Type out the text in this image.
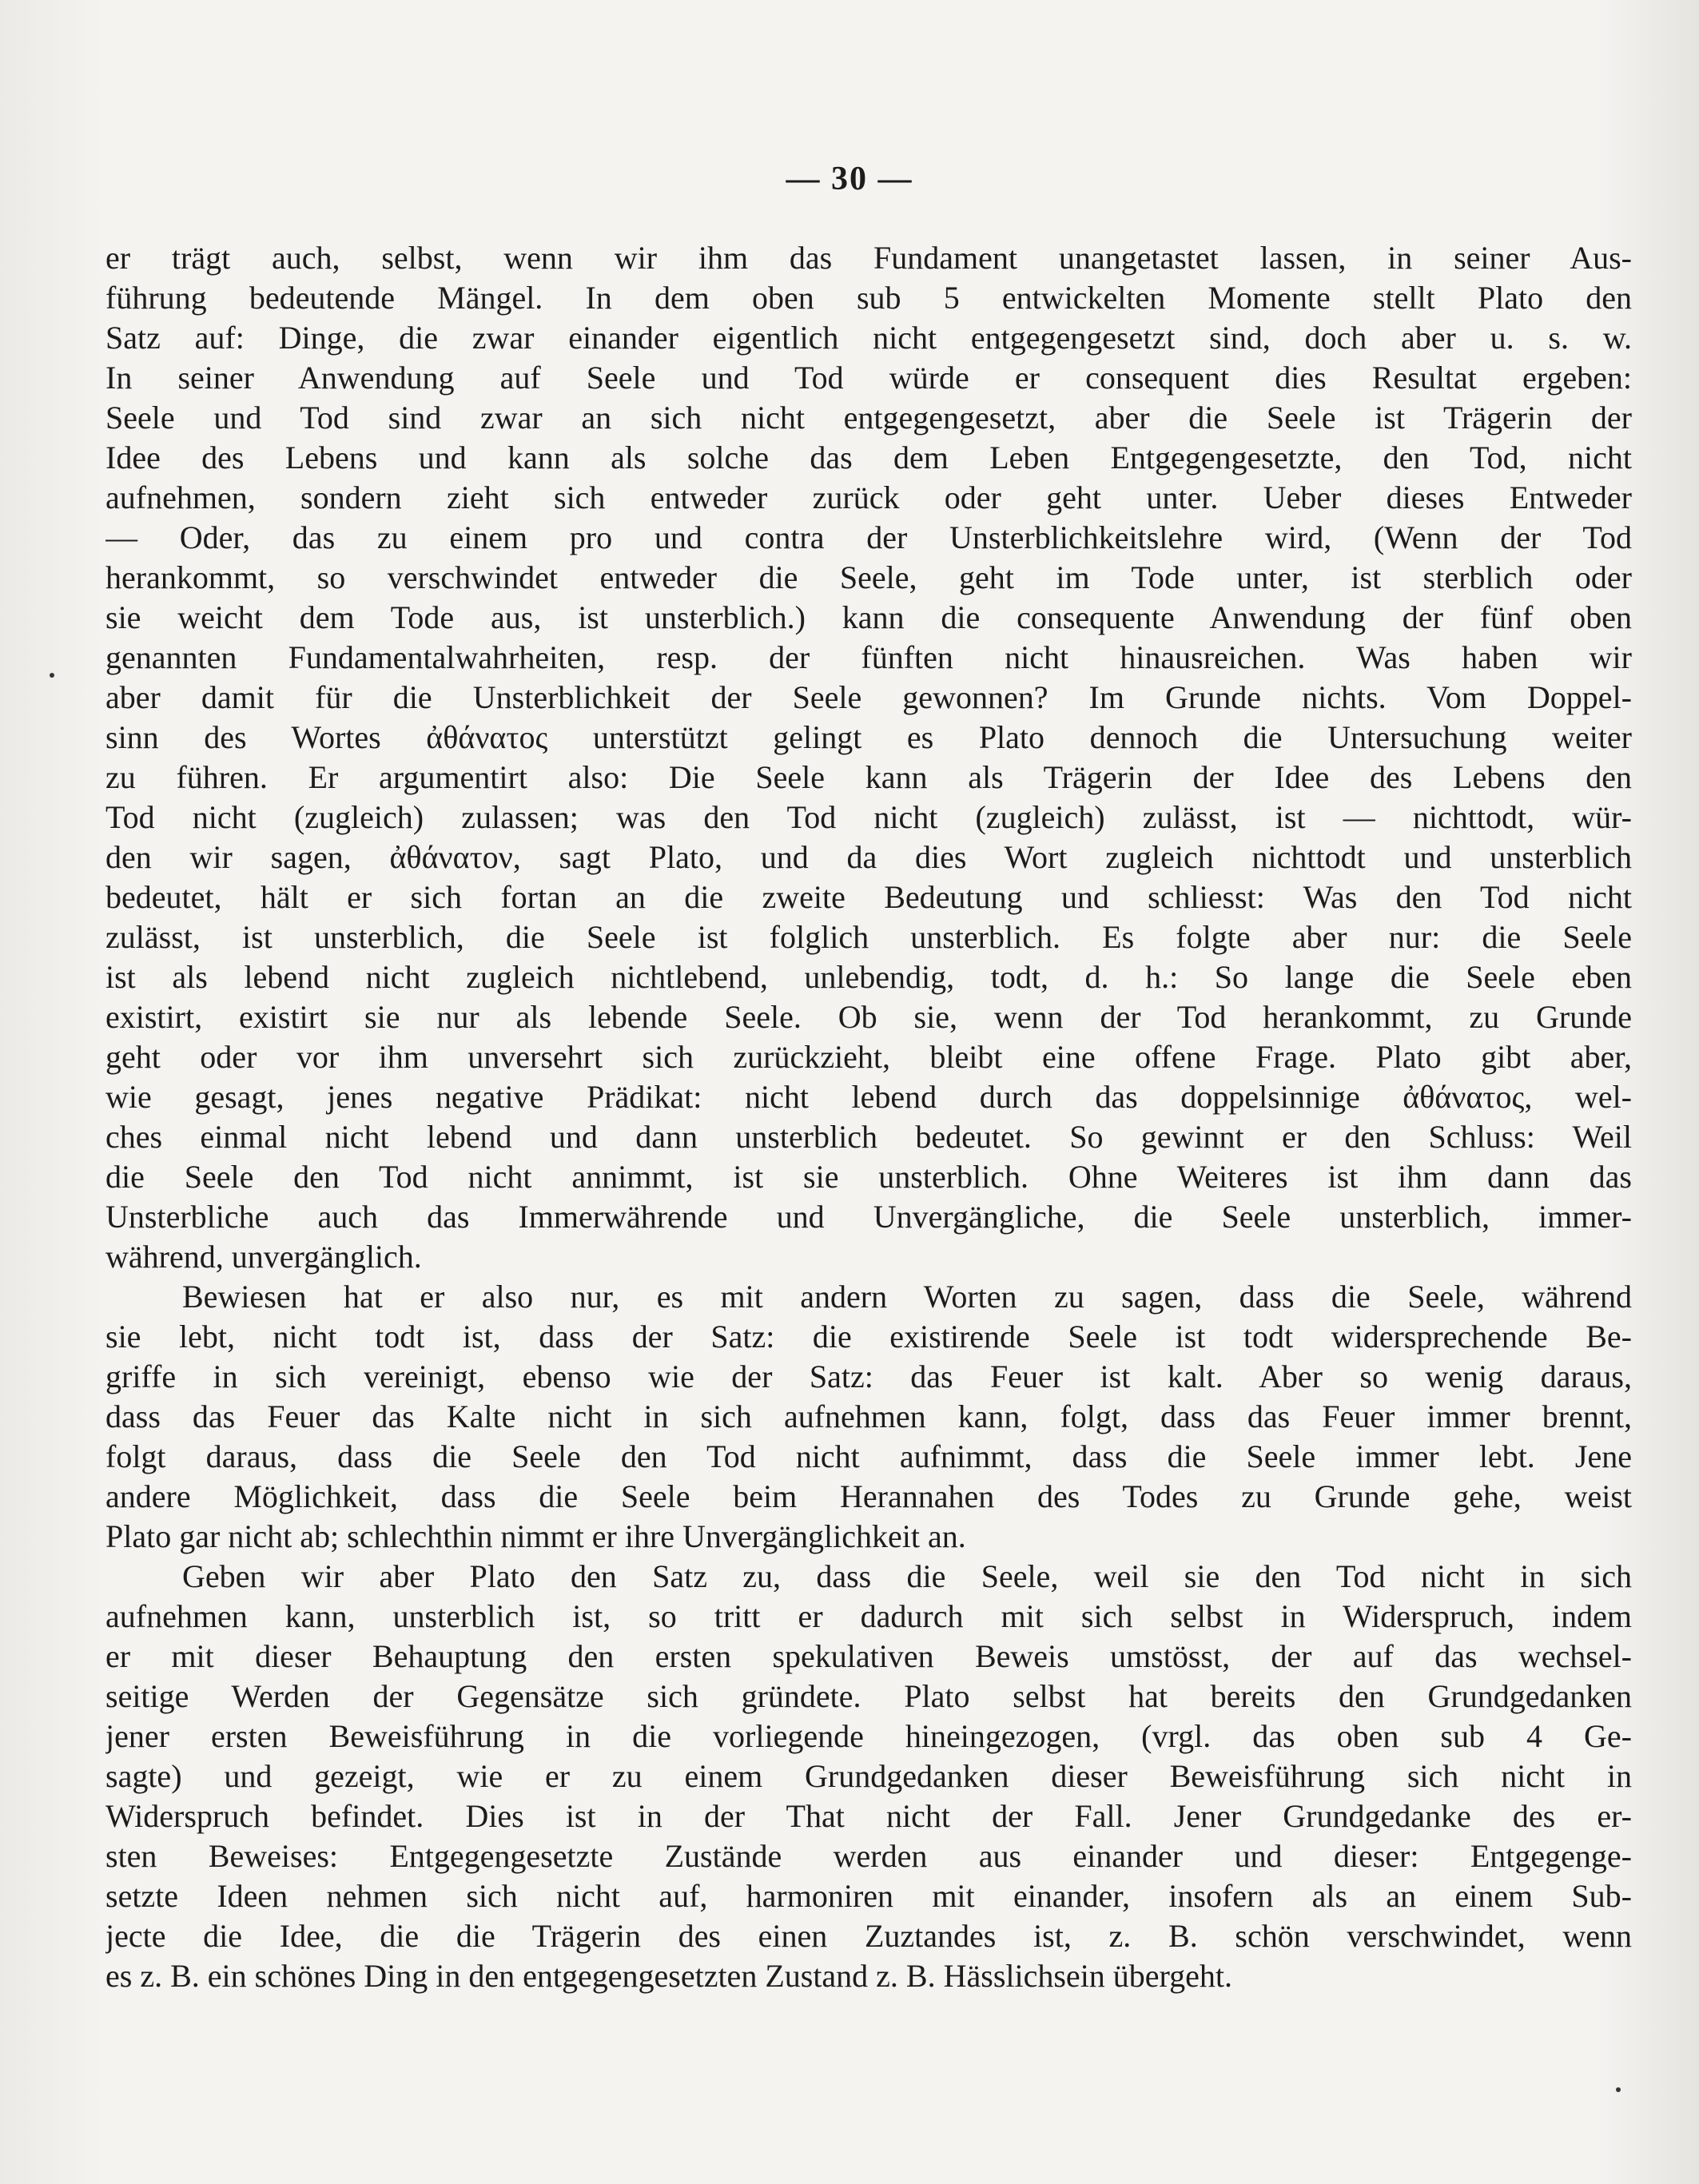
— 30 —
er trägt auch, selbst, wenn wir ihm das Fundament unangetastet lassen, in seiner Aus-
führung bedeutende Mängel. In dem oben sub 5 entwickelten Momente stellt Plato den
Satz auf: Dinge, die zwar einander eigentlich nicht entgegengesetzt sind, doch aber u. s. w.
In seiner Anwendung auf Seele und Tod würde er consequent dies Resultat ergeben:
Seele und Tod sind zwar an sich nicht entgegengesetzt, aber die Seele ist Trägerin der
Idee des Lebens und kann als solche das dem Leben Entgegengesetzte, den Tod, nicht
aufnehmen, sondern zieht sich entweder zurück oder geht unter. Ueber dieses Entweder
— Oder, das zu einem pro und contra der Unsterblichkeitslehre wird, (Wenn der Tod
herankommt, so verschwindet entweder die Seele, geht im Tode unter, ist sterblich oder
sie weicht dem Tode aus, ist unsterblich.) kann die consequente Anwendung der fünf oben
genannten Fundamentalwahrheiten, resp. der fünften nicht hinausreichen. Was haben wir
aber damit für die Unsterblichkeit der Seele gewonnen? Im Grunde nichts. Vom Doppel-
sinn des Wortes ἀθάνατος unterstützt gelingt es Plato dennoch die Untersuchung weiter
zu führen. Er argumentirt also: Die Seele kann als Trägerin der Idee des Lebens den
Tod nicht (zugleich) zulassen; was den Tod nicht (zugleich) zulässt, ist — nichttodt, wür-
den wir sagen, ἀθάνατον, sagt Plato, und da dies Wort zugleich nichttodt und unsterblich
bedeutet, hält er sich fortan an die zweite Bedeutung und schliesst: Was den Tod nicht
zulässt, ist unsterblich, die Seele ist folglich unsterblich. Es folgte aber nur: die Seele
ist als lebend nicht zugleich nichtlebend, unlebendig, todt, d. h.: So lange die Seele eben
existirt, existirt sie nur als lebende Seele. Ob sie, wenn der Tod herankommt, zu Grunde
geht oder vor ihm unversehrt sich zurückzieht, bleibt eine offene Frage. Plato gibt aber,
wie gesagt, jenes negative Prädikat: nicht lebend durch das doppelsinnige ἀθάνατος, wel-
ches einmal nicht lebend und dann unsterblich bedeutet. So gewinnt er den Schluss: Weil
die Seele den Tod nicht annimmt, ist sie unsterblich. Ohne Weiteres ist ihm dann das
Unsterbliche auch das Immerwährende und Unvergängliche, die Seele unsterblich, immer-
während, unvergänglich.
Bewiesen hat er also nur, es mit andern Worten zu sagen, dass die Seele, während
sie lebt, nicht todt ist, dass der Satz: die existirende Seele ist todt widersprechende Be-
griffe in sich vereinigt, ebenso wie der Satz: das Feuer ist kalt. Aber so wenig daraus,
dass das Feuer das Kalte nicht in sich aufnehmen kann, folgt, dass das Feuer immer brennt,
folgt daraus, dass die Seele den Tod nicht aufnimmt, dass die Seele immer lebt. Jene
andere Möglichkeit, dass die Seele beim Herannahen des Todes zu Grunde gehe, weist
Plato gar nicht ab; schlechthin nimmt er ihre Unvergänglichkeit an.
Geben wir aber Plato den Satz zu, dass die Seele, weil sie den Tod nicht in sich
aufnehmen kann, unsterblich ist, so tritt er dadurch mit sich selbst in Widerspruch, indem
er mit dieser Behauptung den ersten spekulativen Beweis umstösst, der auf das wechsel-
seitige Werden der Gegensätze sich gründete. Plato selbst hat bereits den Grundgedanken
jener ersten Beweisführung in die vorliegende hineingezogen, (vrgl. das oben sub 4 Ge-
sagte) und gezeigt, wie er zu einem Grundgedanken dieser Beweisführung sich nicht in
Widerspruch befindet. Dies ist in der That nicht der Fall. Jener Grundgedanke des er-
sten Beweises: Entgegengesetzte Zustände werden aus einander und dieser: Entgegenge-
setzte Ideen nehmen sich nicht auf, harmoniren mit einander, insofern als an einem Sub-
jecte die Idee, die die Trägerin des einen Zuztandes ist, z. B. schön verschwindet, wenn
es z. B. ein schönes Ding in den entgegengesetzten Zustand z. B. Hässlichsein übergeht.
